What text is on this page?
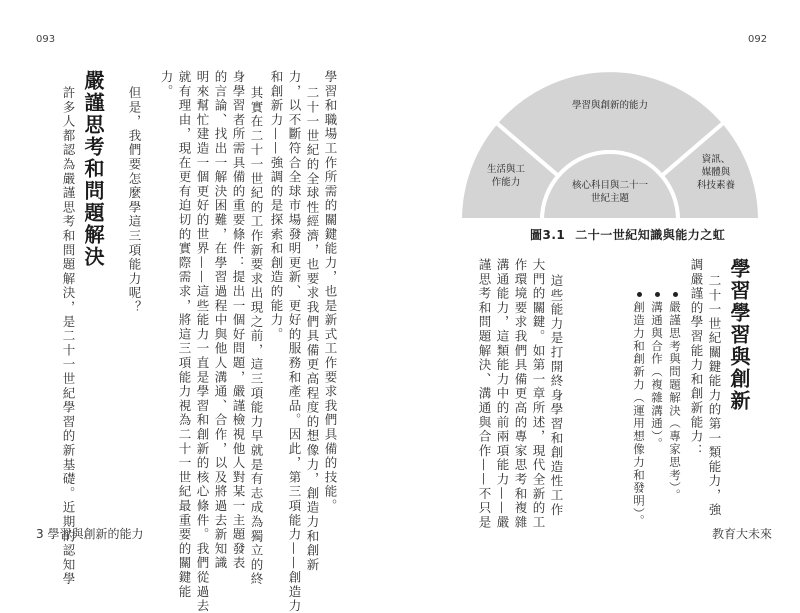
093
學習和職場工作所需的關鍵能力，也是新式工作要求我們具備的技能。
二十一世紀的全球性經濟，也要求我們具備更高程度的想像力，創造力和創新
力，以不斷符合全球市場發明更新、更好的服務和產品。因此，第三項能力——創造力
和創新力——強調的是探索和創造的能力。
其實在二十一世紀的工作新要求出現之前，這三項能力早就是有志成為獨立的終
身學習者所需具備的重要條件：提出一個好問題，嚴謹檢視他人對某一主題發表
的言論、找出一解決困難，在學習過程中與他人溝通、合作，以及將過去新知識
明來幫忙建造一個更好的世界——這些能力一直是學習和創新的核心條件。我們從過去
就有理由，現在更有迫切的實際需求，將這三項能力視為二十一世紀最重要的關鍵能
力。
但是，我們要怎麼學這三項能力呢？
嚴謹思考和問題解決
許多人都認為嚴謹思考和問題解決，是二十一世紀學習的新基礎。近期的認知學
3 學習與創新的能力
092
學習與創新的能力
生活與工作能力
資訊、媒體與科技素養
核心科目與二十一世紀主題
圖3.1 二十一世紀知識與能力之虹
學習學習與創新
二十一世紀關鍵能力的第一類能力，強
調嚴謹的學習能力和創新能力：
嚴謹思考與問題解決（專家思考）。
溝通與合作（複雜溝通）。
創造力和創新力（運用想像力和發明）。
這些能力是打開終身學習和創造性工作
大門的關鍵。如第一章所述，現代全新的工
作環境要求我們具備更高的專家思考和複雜
溝通能力，這類能力中的前兩項能力——嚴
謹思考和問題解決、溝通與合作——不只是
教育大未來
